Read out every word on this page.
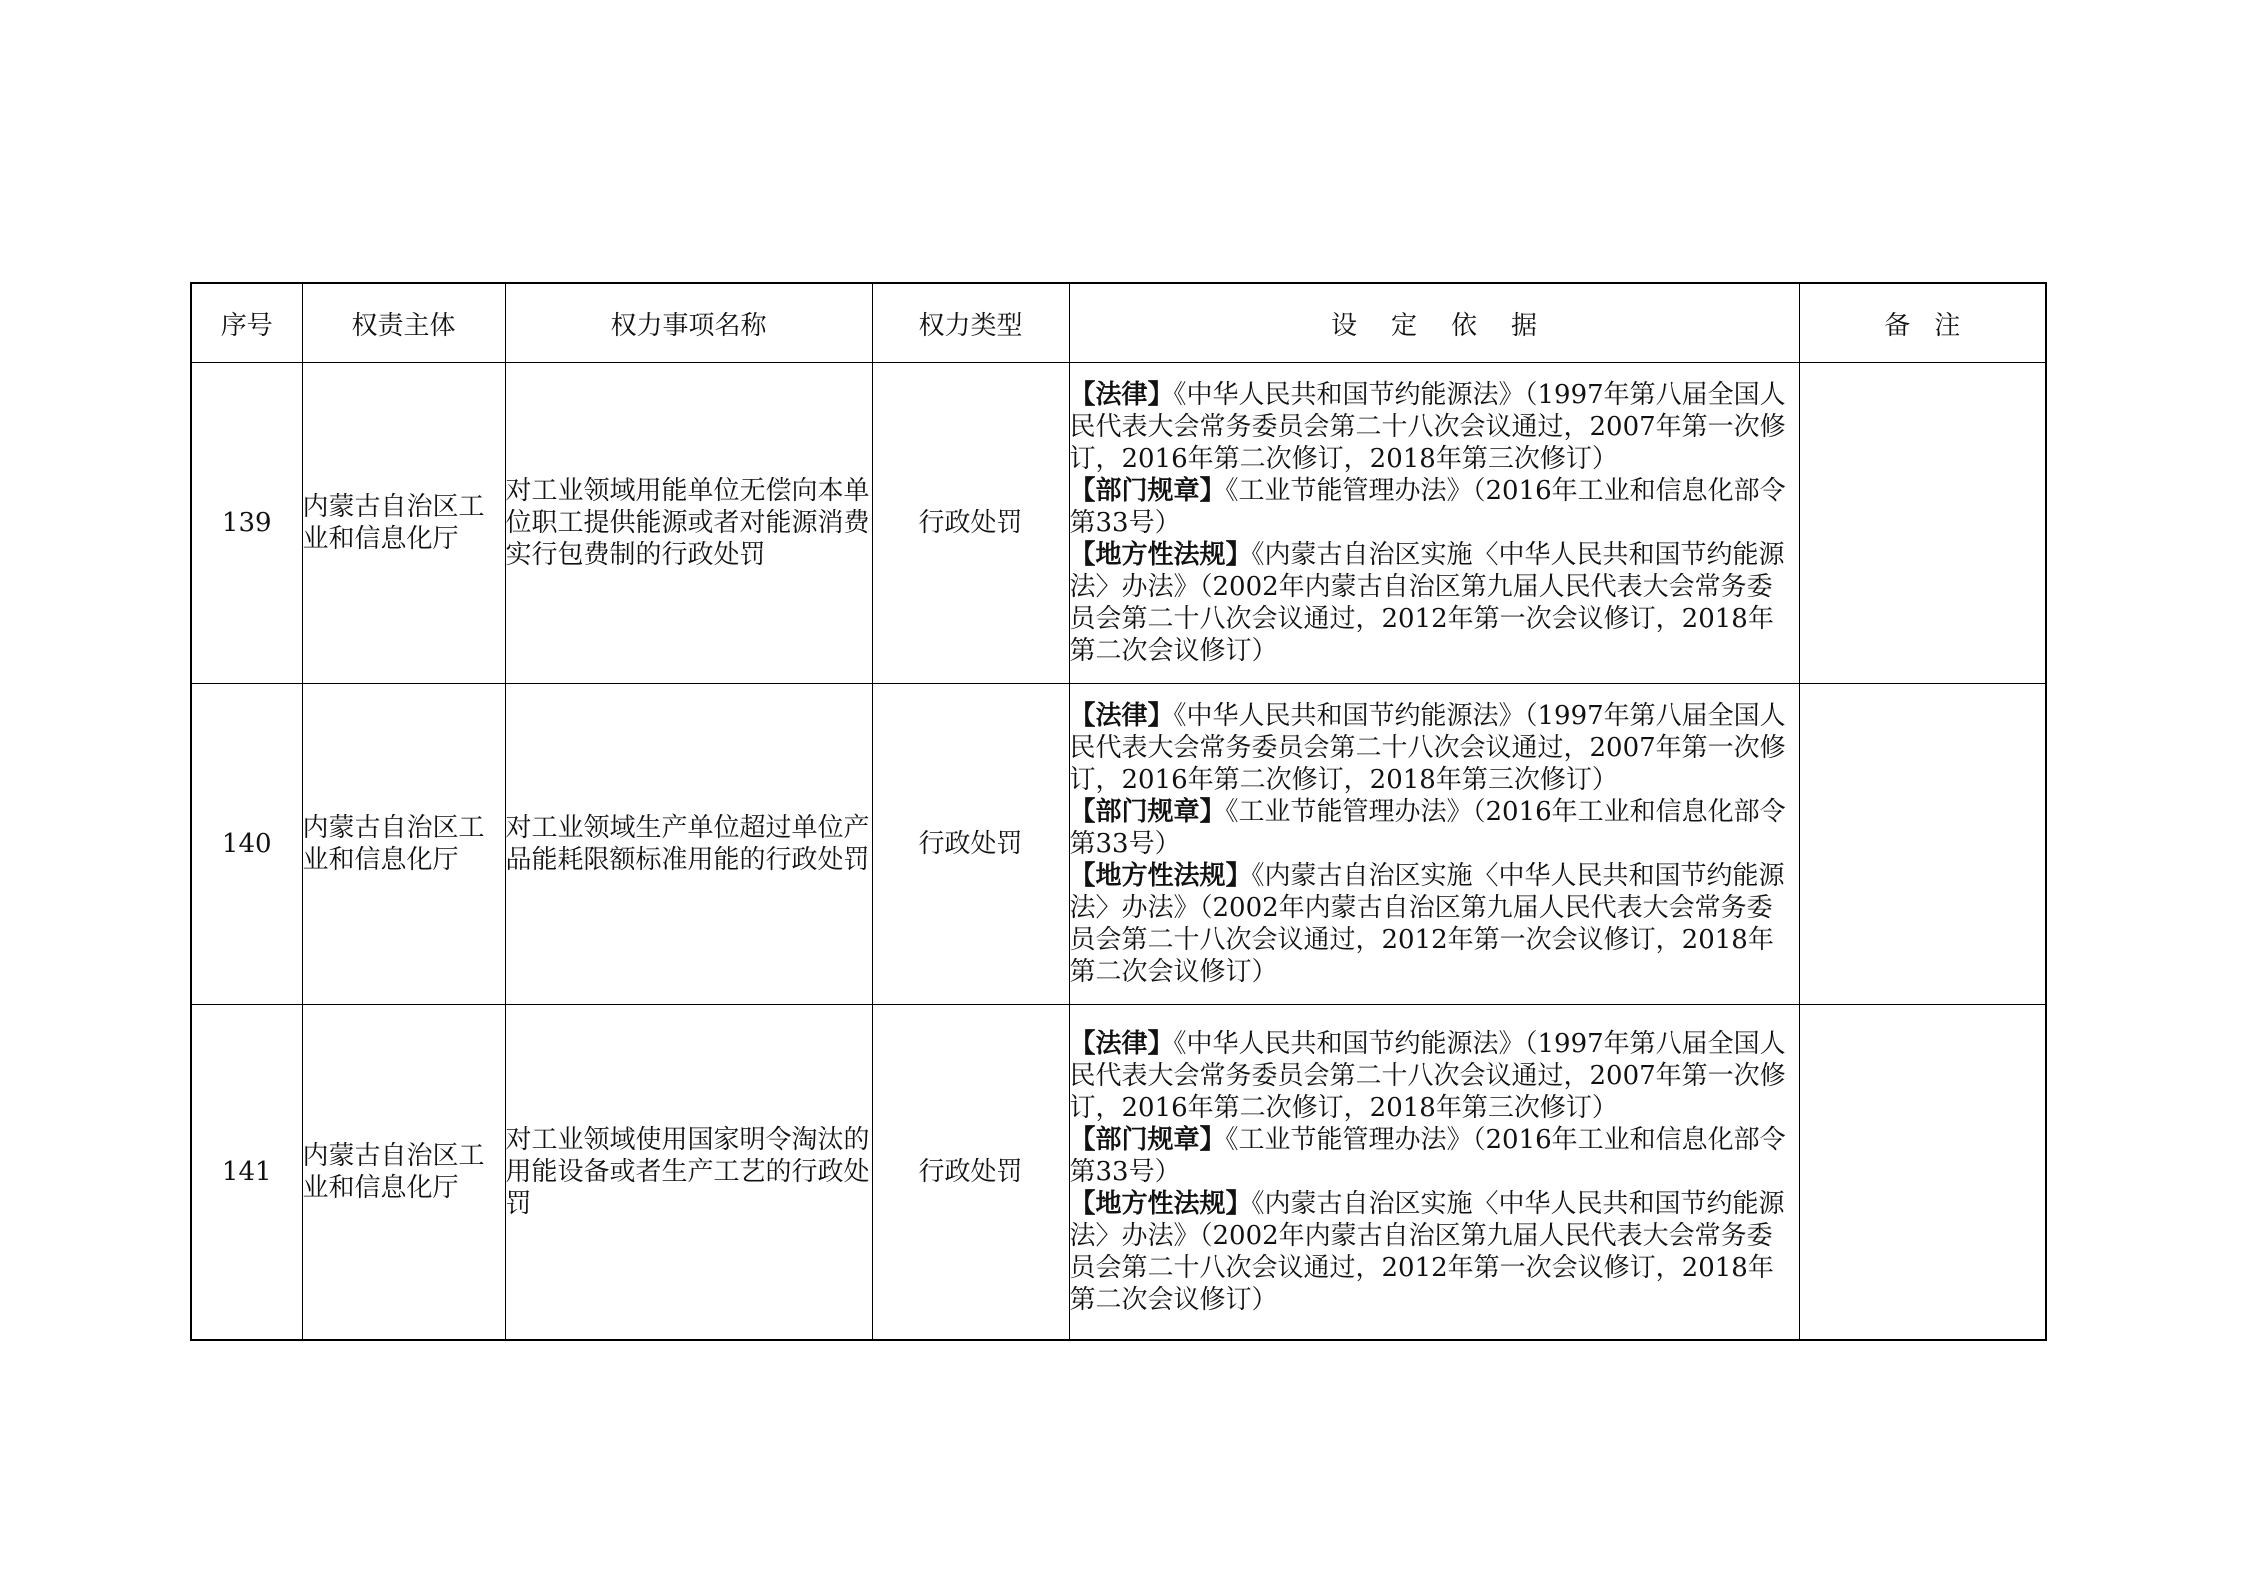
序号	权责主体	权力事项名称	权力类型	设定依据	备注
139	内蒙古自治区工业和信息化厅	对工业领域用能单位无偿向本单位职工提供能源或者对能源消费实行包费制的行政处罚	行政处罚	【法律】《中华人民共和国节约能源法》（1997年第八届全国人民代表大会常务委员会第二十八次会议通过，2007年第一次修订，2016年第二次修订，2018年第三次修订）
【部门规章】《工业节能管理办法》（2016年工业和信息化部令第33号）
【地方性法规】《内蒙古自治区实施〈中华人民共和国节约能源法〉办法》（2002年内蒙古自治区第九届人民代表大会常务委员会第二十八次会议通过，2012年第一次会议修订，2018年第二次会议修订）	

140	内蒙古自治区工业和信息化厅	对工业领域生产单位超过单位产品能耗限额标准用能的行政处罚	行政处罚	【法律】《中华人民共和国节约能源法》（1997年第八届全国人民代表大会常务委员会第二十八次会议通过，2007年第一次修订，2016年第二次修订，2018年第三次修订）
【部门规章】《工业节能管理办法》（2016年工业和信息化部令第33号）
【地方性法规】《内蒙古自治区实施〈中华人民共和国节约能源法〉办法》（2002年内蒙古自治区第九届人民代表大会常务委员会第二十八次会议通过，2012年第一次会议修订，2018年第二次会议修订）	

141	内蒙古自治区工业和信息化厅	对工业领域使用国家明令淘汰的用能设备或者生产工艺的行政处罚	行政处罚	【法律】《中华人民共和国节约能源法》（1997年第八届全国人民代表大会常务委员会第二十八次会议通过，2007年第一次修订，2016年第二次修订，2018年第三次修订）
【部门规章】《工业节能管理办法》（2016年工业和信息化部令第33号）
【地方性法规】《内蒙古自治区实施〈中华人民共和国节约能源法〉办法》（2002年内蒙古自治区第九届人民代表大会常务委员会第二十八次会议通过，2012年第一次会议修订，2018年第二次会议修订）	
